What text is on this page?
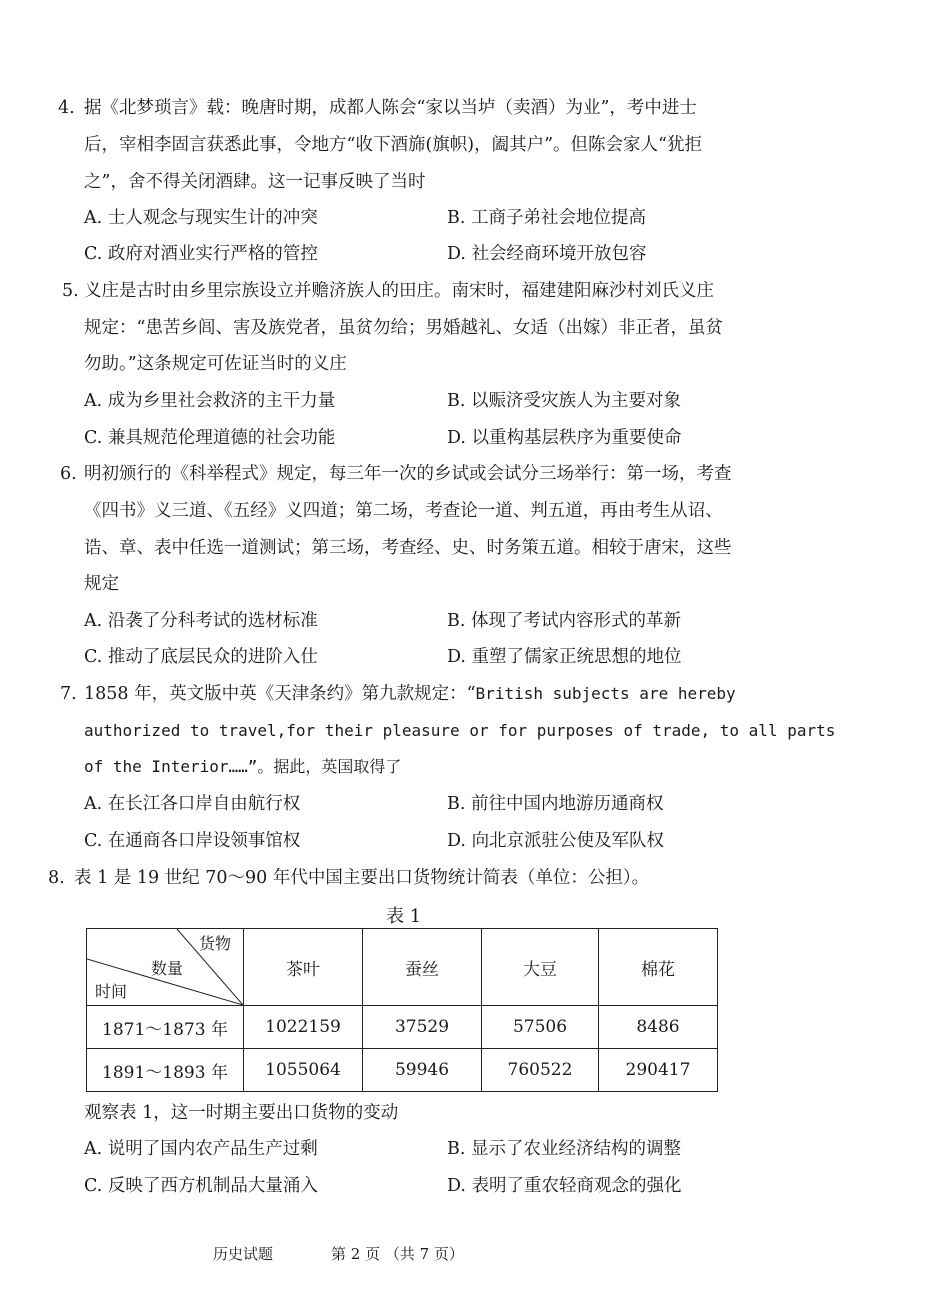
4. 据《北梦琐言》载：晚唐时期，成都人陈会“家以当垆（卖酒）为业”，考中进士
后，宰相李固言获悉此事，令地方“收下酒旆(旗帜)，阖其户”。但陈会家人“犹拒
之”，舍不得关闭酒肆。这一记事反映了当时
A. 士人观念与现实生计的冲突	B. 工商子弟社会地位提高
C. 政府对酒业实行严格的管控	D. 社会经商环境开放包容
5. 义庄是古时由乡里宗族设立并赡济族人的田庄。南宋时，福建建阳麻沙村刘氏义庄
规定：“患苦乡闾、害及族党者，虽贫勿给；男婚越礼、女适（出嫁）非正者，虽贫
勿助。”这条规定可佐证当时的义庄
A. 成为乡里社会救济的主干力量	B. 以赈济受灾族人为主要对象
C. 兼具规范伦理道德的社会功能	D. 以重构基层秩序为重要使命
6. 明初颁行的《科举程式》规定，每三年一次的乡试或会试分三场举行：第一场，考查
《四书》义三道、《五经》义四道；第二场，考查论一道、判五道，再由考生从诏、
诰、章、表中任选一道测试；第三场，考查经、史、时务策五道。相较于唐宋，这些
规定
A. 沿袭了分科考试的选材标准	B. 体现了考试内容形式的革新
C. 推动了底层民众的进阶入仕	D. 重塑了儒家正统思想的地位
7. 1858 年，英文版中英《天津条约》第九款规定：“British subjects are hereby
authorized to travel,for their pleasure or for purposes of trade, to all parts
of the Interior……”。据此，英国取得了
A. 在长江各口岸自由航行权	B. 前往中国内地游历通商权
C. 在通商各口岸设领事馆权	D. 向北京派驻公使及军队权
8. 表 1 是 19 世纪 70～90 年代中国主要出口货物统计简表（单位：公担）。
表 1
货物
数量
时间	茶叶	蚕丝	大豆	棉花
1871～1873 年	1022159	37529	57506	8486
1891～1893 年	1055064	59946	760522	290417
观察表 1，这一时期主要出口货物的变动
A. 说明了国内农产品生产过剩	B. 显示了农业经济结构的调整
C. 反映了西方机制品大量涌入	D. 表明了重农轻商观念的强化
历史试题	第 2 页 （共 7 页）
